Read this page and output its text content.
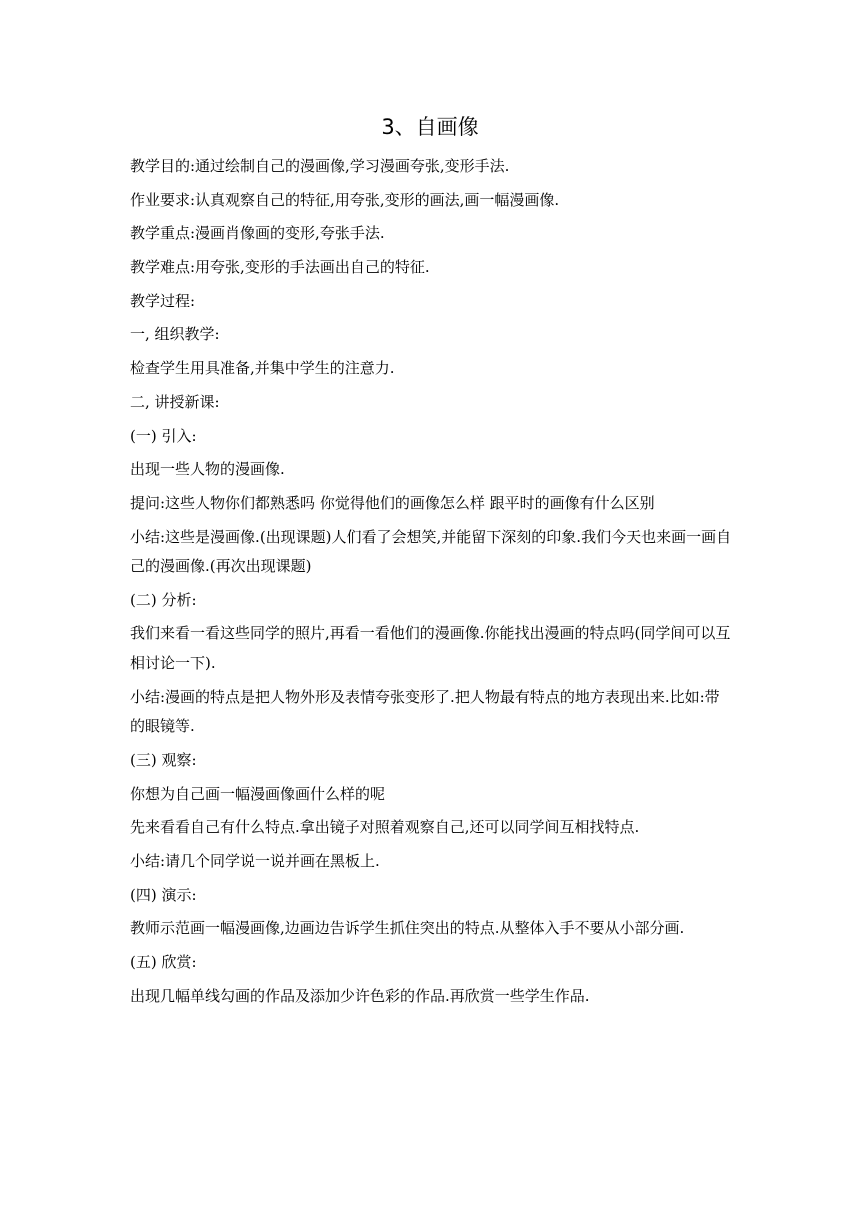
3、自画像

教学目的:通过绘制自己的漫画像,学习漫画夸张,变形手法.

作业要求:认真观察自己的特征,用夸张,变形的画法,画一幅漫画像.

教学重点:漫画肖像画的变形,夸张手法.

教学难点:用夸张,变形的手法画出自己的特征.

教学过程:

一, 组织教学:

检查学生用具准备,并集中学生的注意力.

二, 讲授新课:

(一) 引入:

出现一些人物的漫画像.

提问:这些人物你们都熟悉吗 你觉得他们的画像怎么样 跟平时的画像有什么区别

小结:这些是漫画像.(出现课题)人们看了会想笑,并能留下深刻的印象.我们今天也来画一画自己的漫画像.(再次出现课题)

(二) 分析:

我们来看一看这些同学的照片,再看一看他们的漫画像.你能找出漫画的特点吗(同学间可以互相讨论一下).

小结:漫画的特点是把人物外形及表情夸张变形了.把人物最有特点的地方表现出来.比如:带的眼镜等.

(三) 观察:

你想为自己画一幅漫画像画什么样的呢

先来看看自己有什么特点.拿出镜子对照着观察自己,还可以同学间互相找特点.

小结:请几个同学说一说并画在黑板上.

(四) 演示:

教师示范画一幅漫画像,边画边告诉学生抓住突出的特点.从整体入手不要从小部分画.

(五) 欣赏:

出现几幅单线勾画的作品及添加少许色彩的作品.再欣赏一些学生作品.
